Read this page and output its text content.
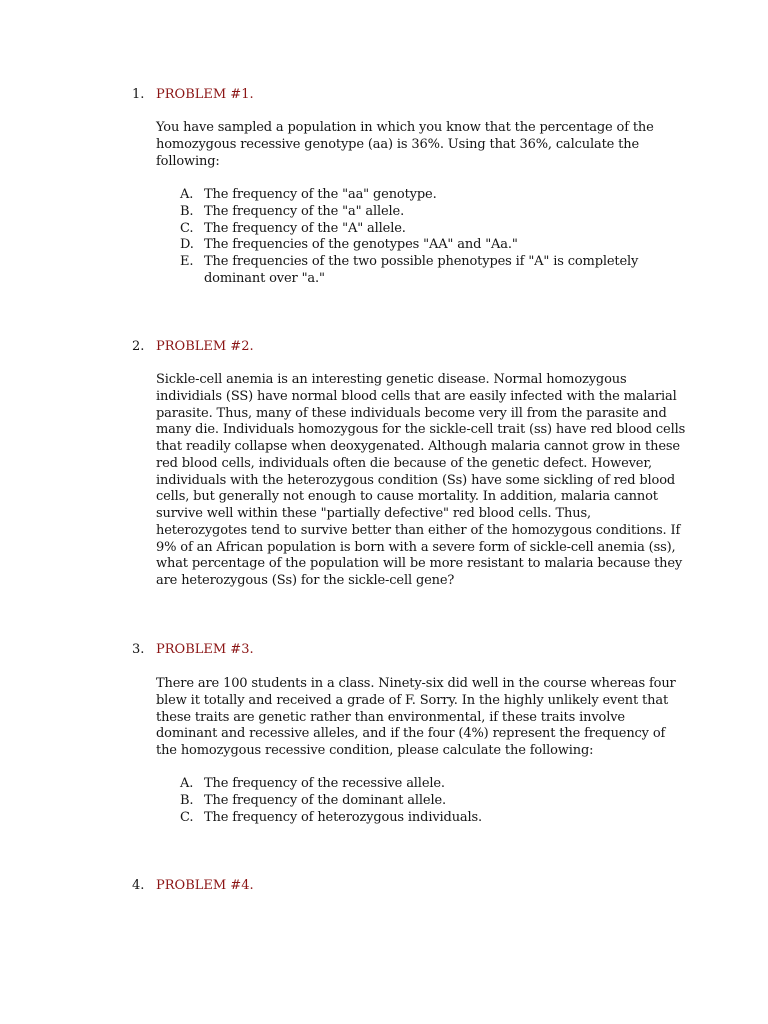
1. PROBLEM #1.
You have sampled a population in which you know that the percentage of the
homozygous recessive genotype (aa) is 36%. Using that 36%, calculate the
following:
A. The frequency of the "aa" genotype.
B. The frequency of the "a" allele.
C. The frequency of the "A" allele.
D. The frequencies of the genotypes "AA" and "Aa."
E. The frequencies of the two possible phenotypes if "A" is completely
dominant over "a."
2. PROBLEM #2.
Sickle-cell anemia is an interesting genetic disease. Normal homozygous
individials (SS) have normal blood cells that are easily infected with the malarial
parasite. Thus, many of these individuals become very ill from the parasite and
many die. Individuals homozygous for the sickle-cell trait (ss) have red blood cells
that readily collapse when deoxygenated. Although malaria cannot grow in these
red blood cells, individuals often die because of the genetic defect. However,
individuals with the heterozygous condition (Ss) have some sickling of red blood
cells, but generally not enough to cause mortality. In addition, malaria cannot
survive well within these "partially defective" red blood cells. Thus,
heterozygotes tend to survive better than either of the homozygous conditions. If
9% of an African population is born with a severe form of sickle-cell anemia (ss),
what percentage of the population will be more resistant to malaria because they
are heterozygous (Ss) for the sickle-cell gene?
3. PROBLEM #3.
There are 100 students in a class. Ninety-six did well in the course whereas four
blew it totally and received a grade of F. Sorry. In the highly unlikely event that
these traits are genetic rather than environmental, if these traits involve
dominant and recessive alleles, and if the four (4%) represent the frequency of
the homozygous recessive condition, please calculate the following:
A. The frequency of the recessive allele.
B. The frequency of the dominant allele.
C. The frequency of heterozygous individuals.
4. PROBLEM #4.
